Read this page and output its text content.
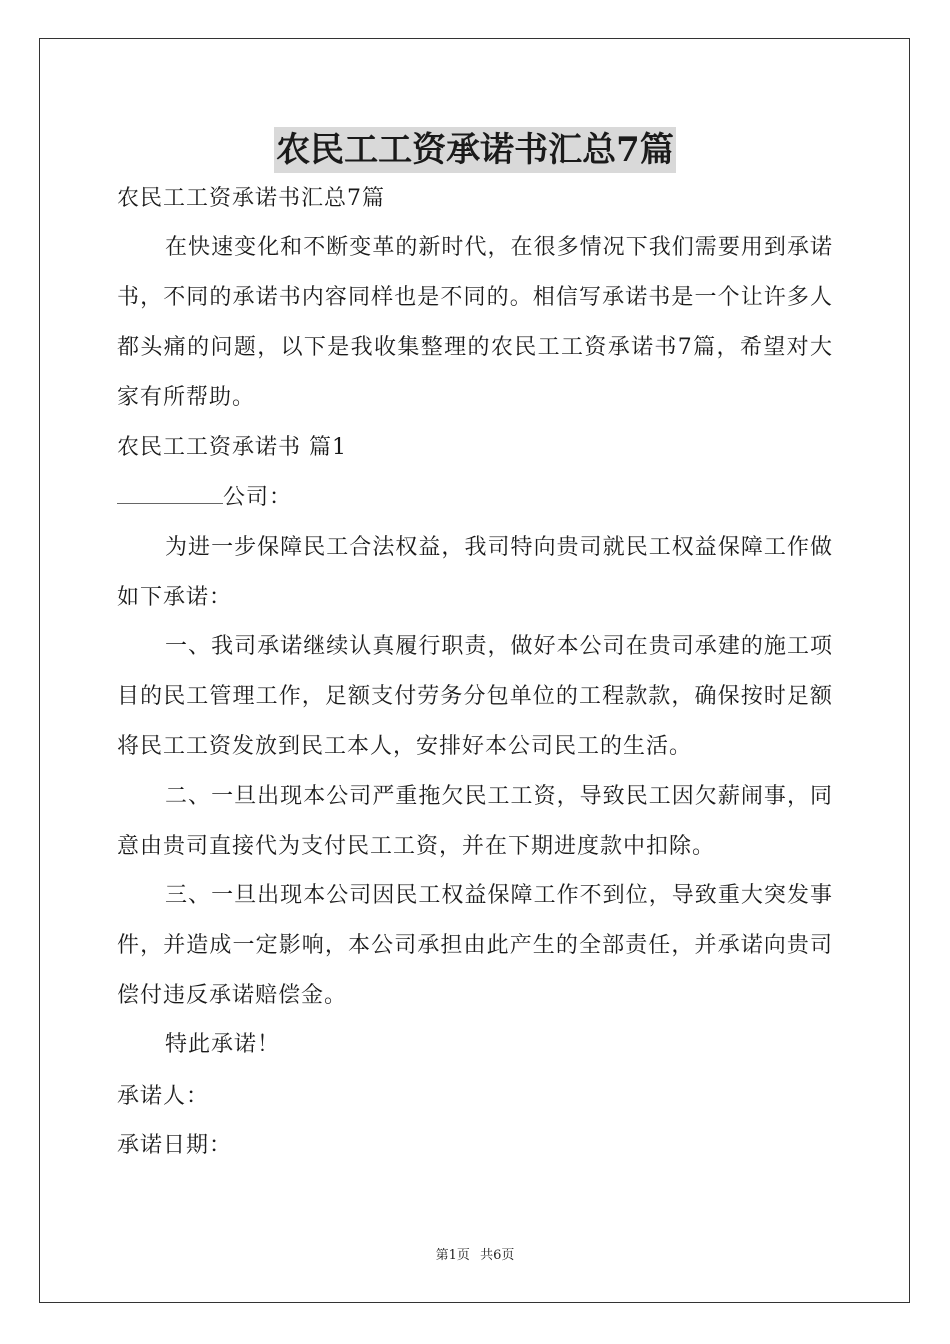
农民工工资承诺书汇总7篇
农民工工资承诺书汇总7篇
在快速变化和不断变革的新时代，在很多情况下我们需要用到承诺书，不同的承诺书内容同样也是不同的。相信写承诺书是一个让许多人都头痛的问题，以下是我收集整理的农民工工资承诺书7篇，希望对大家有所帮助。
农民工工资承诺书 篇1
公司：
为进一步保障民工合法权益，我司特向贵司就民工权益保障工作做如下承诺：
一、我司承诺继续认真履行职责，做好本公司在贵司承建的施工项目的民工管理工作，足额支付劳务分包单位的工程款款，确保按时足额将民工工资发放到民工本人，安排好本公司民工的生活。
二、一旦出现本公司严重拖欠民工工资，导致民工因欠薪闹事，同意由贵司直接代为支付民工工资，并在下期进度款中扣除。
三、一旦出现本公司因民工权益保障工作不到位，导致重大突发事件，并造成一定影响，本公司承担由此产生的全部责任，并承诺向贵司偿付违反承诺赔偿金。
特此承诺！
承诺人：
承诺日期：
第1页 共6页
